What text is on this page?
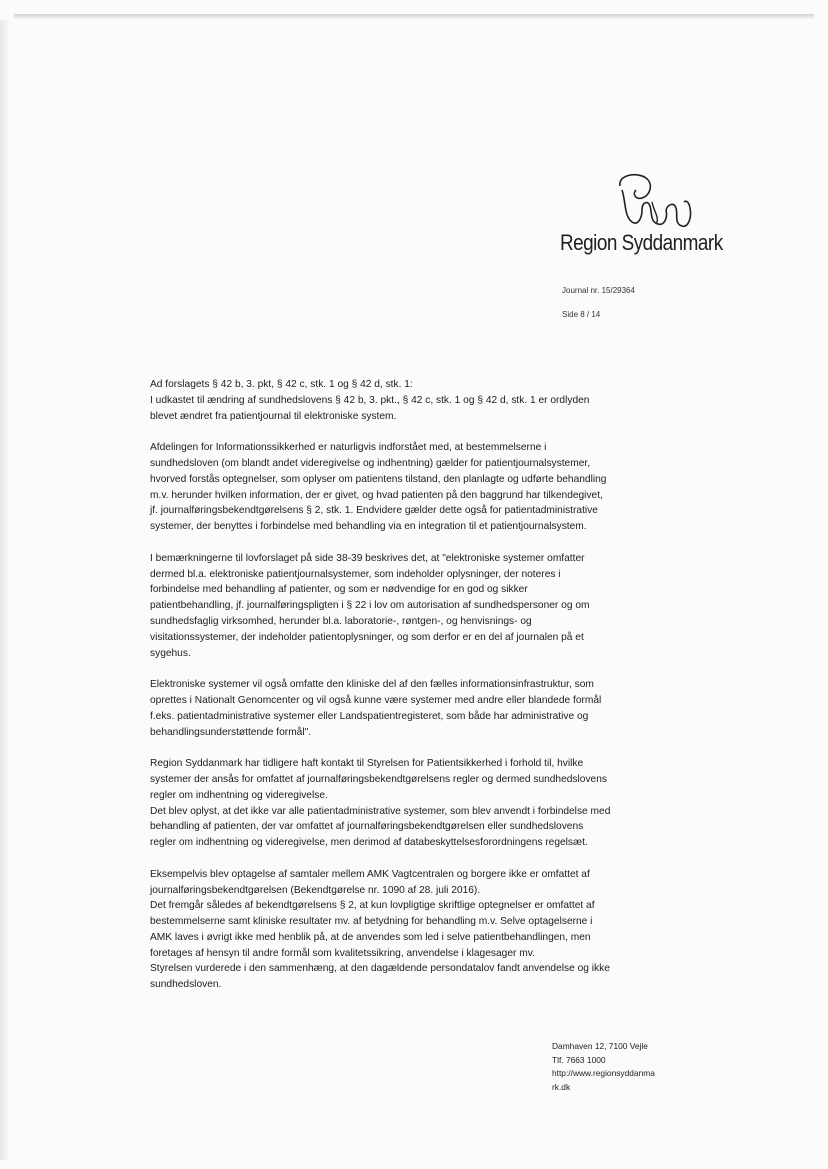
Region Syddanmark
Journal nr. 15/29364
Side 8 / 14
Ad forslagets § 42 b, 3. pkt, § 42 c, stk. 1 og § 42 d, stk. 1:
I udkastet til ændring af sundhedslovens § 42 b, 3. pkt., § 42 c, stk. 1 og § 42 d, stk. 1 er ordlyden
blevet ændret fra patientjournal til elektroniske system.
Afdelingen for Informationssikkerhed er naturligvis indforstået med, at bestemmelserne i
sundhedsloven (om blandt andet videregivelse og indhentning) gælder for patientjournalsystemer,
hvorved forstås optegnelser, som oplyser om patientens tilstand, den planlagte og udførte behandling
m.v. herunder hvilken information, der er givet, og hvad patienten på den baggrund har tilkendegivet,
jf. journalføringsbekendtgørelsens § 2, stk. 1. Endvidere gælder dette også for patientadministrative
systemer, der benyttes i forbindelse med behandling via en integration til et patientjournalsystem.
I bemærkningerne til lovforslaget på side 38-39 beskrives det, at "elektroniske systemer omfatter
dermed bl.a. elektroniske patientjournalsystemer, som indeholder oplysninger, der noteres i
forbindelse med behandling af patienter, og som er nødvendige for en god og sikker
patientbehandling, jf. journalføringspligten i § 22 i lov om autorisation af sundhedspersoner og om
sundhedsfaglig virksomhed, herunder bl.a. laboratorie-, røntgen-, og henvisnings- og
visitationssystemer, der indeholder patientoplysninger, og som derfor er en del af journalen på et
sygehus.
Elektroniske systemer vil også omfatte den kliniske del af den fælles informationsinfrastruktur, som
oprettes i Nationalt Genomcenter og vil også kunne være systemer med andre eller blandede formål
f.eks. patientadministrative systemer eller Landspatientregisteret, som både har administrative og
behandlingsunderstøttende formål".
Region Syddanmark har tidligere haft kontakt til Styrelsen for Patientsikkerhed i forhold til, hvilke
systemer der ansås for omfattet af journalføringsbekendtgørelsens regler og dermed sundhedslovens
regler om indhentning og videregivelse.
Det blev oplyst, at det ikke var alle patientadministrative systemer, som blev anvendt i forbindelse med
behandling af patienten, der var omfattet af journalføringsbekendtgørelsen eller sundhedslovens
regler om indhentning og videregivelse, men derimod af databeskyttelsesforordningens regelsæt.
Eksempelvis blev optagelse af samtaler mellem AMK Vagtcentralen og borgere ikke er omfattet af
journalføringsbekendtgørelsen (Bekendtgørelse nr. 1090 af 28. juli 2016).
Det fremgår således af bekendtgørelsens § 2, at kun lovpligtige skriftlige optegnelser er omfattet af
bestemmelserne samt kliniske resultater mv. af betydning for behandling m.v. Selve optagelserne i
AMK laves i øvrigt ikke med henblik på, at de anvendes som led i selve patientbehandlingen, men
foretages af hensyn til andre formål som kvalitetssikring, anvendelse i klagesager mv.
Styrelsen vurderede i den sammenhæng, at den dagældende persondatalov fandt anvendelse og ikke
sundhedsloven.
Damhaven 12, 7100 Vejle
Tlf. 7663 1000
http://www.regionsyddanma
rk.dk
